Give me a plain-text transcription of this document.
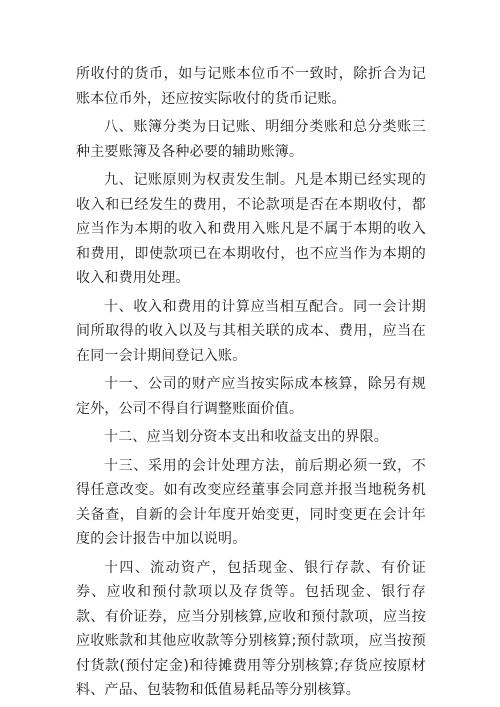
所收付的货币，如与记账本位币不一致时，除折合为记账本位币外，还应按实际收付的货币记账。

八、账簿分类为日记账、明细分类账和总分类账三种主要账簿及各种必要的辅助账簿。

九、记账原则为权责发生制。凡是本期已经实现的收入和已经发生的费用，不论款项是否在本期收付，都应当作为本期的收入和费用入账凡是不属于本期的收入和费用，即使款项已在本期收付，也不应当作为本期的收入和费用处理。

十、收入和费用的计算应当相互配合。同一会计期间所取得的收入以及与其相关联的成本、费用，应当在在同一会计期间登记入账。

十一、公司的财产应当按实际成本核算，除另有规定外，公司不得自行调整账面价值。

十二、应当划分资本支出和收益支出的界限。

十三、采用的会计处理方法，前后期必须一致，不得任意改变。如有改变应经董事会同意并报当地税务机关备查，自新的会计年度开始变更，同时变更在会计年度的会计报告中加以说明。

十四、流动资产，包括现金、银行存款、有价证券、应收和预付款项以及存货等。包括现金、银行存款、有价证券，应当分别核算,应收和预付款项，应当按应收账款和其他应收款等分别核算;预付款项，应当按预付货款(预付定金)和待摊费用等分别核算;存货应按原材料、产品、包装物和低值易耗品等分别核算。
